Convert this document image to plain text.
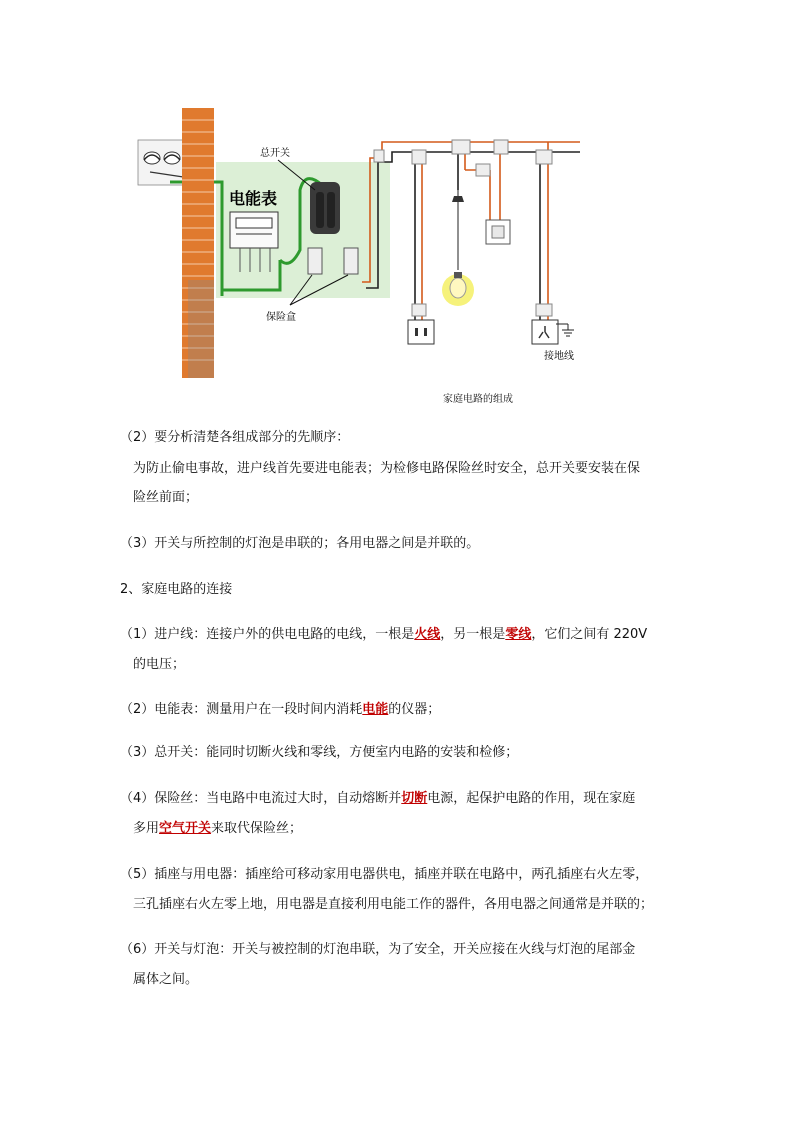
总开关
电能表
保险盒
接地线
家庭电路的组成
（2）要分析清楚各组成部分的先顺序：
为防止偷电事故，进户线首先要进电能表；为检修电路保险丝时安全，总开关要安装在保
险丝前面；
（3）开关与所控制的灯泡是串联的；各用电器之间是并联的。
2、家庭电路的连接
（1）进户线：连接户外的供电电路的电线，一根是火线，另一根是零线，它们之间有 220V
的电压；
（2）电能表：测量用户在一段时间内消耗电能的仪器；
（3）总开关：能同时切断火线和零线，方便室内电路的安装和检修；
（4）保险丝：当电路中电流过大时，自动熔断并切断电源，起保护电路的作用，现在家庭
多用空气开关来取代保险丝；
（5）插座与用电器：插座给可移动家用电器供电，插座并联在电路中，两孔插座右火左零，
三孔插座右火左零上地，用电器是直接利用电能工作的器件，各用电器之间通常是并联的；
（6）开关与灯泡：开关与被控制的灯泡串联，为了安全，开关应接在火线与灯泡的尾部金
属体之间。
